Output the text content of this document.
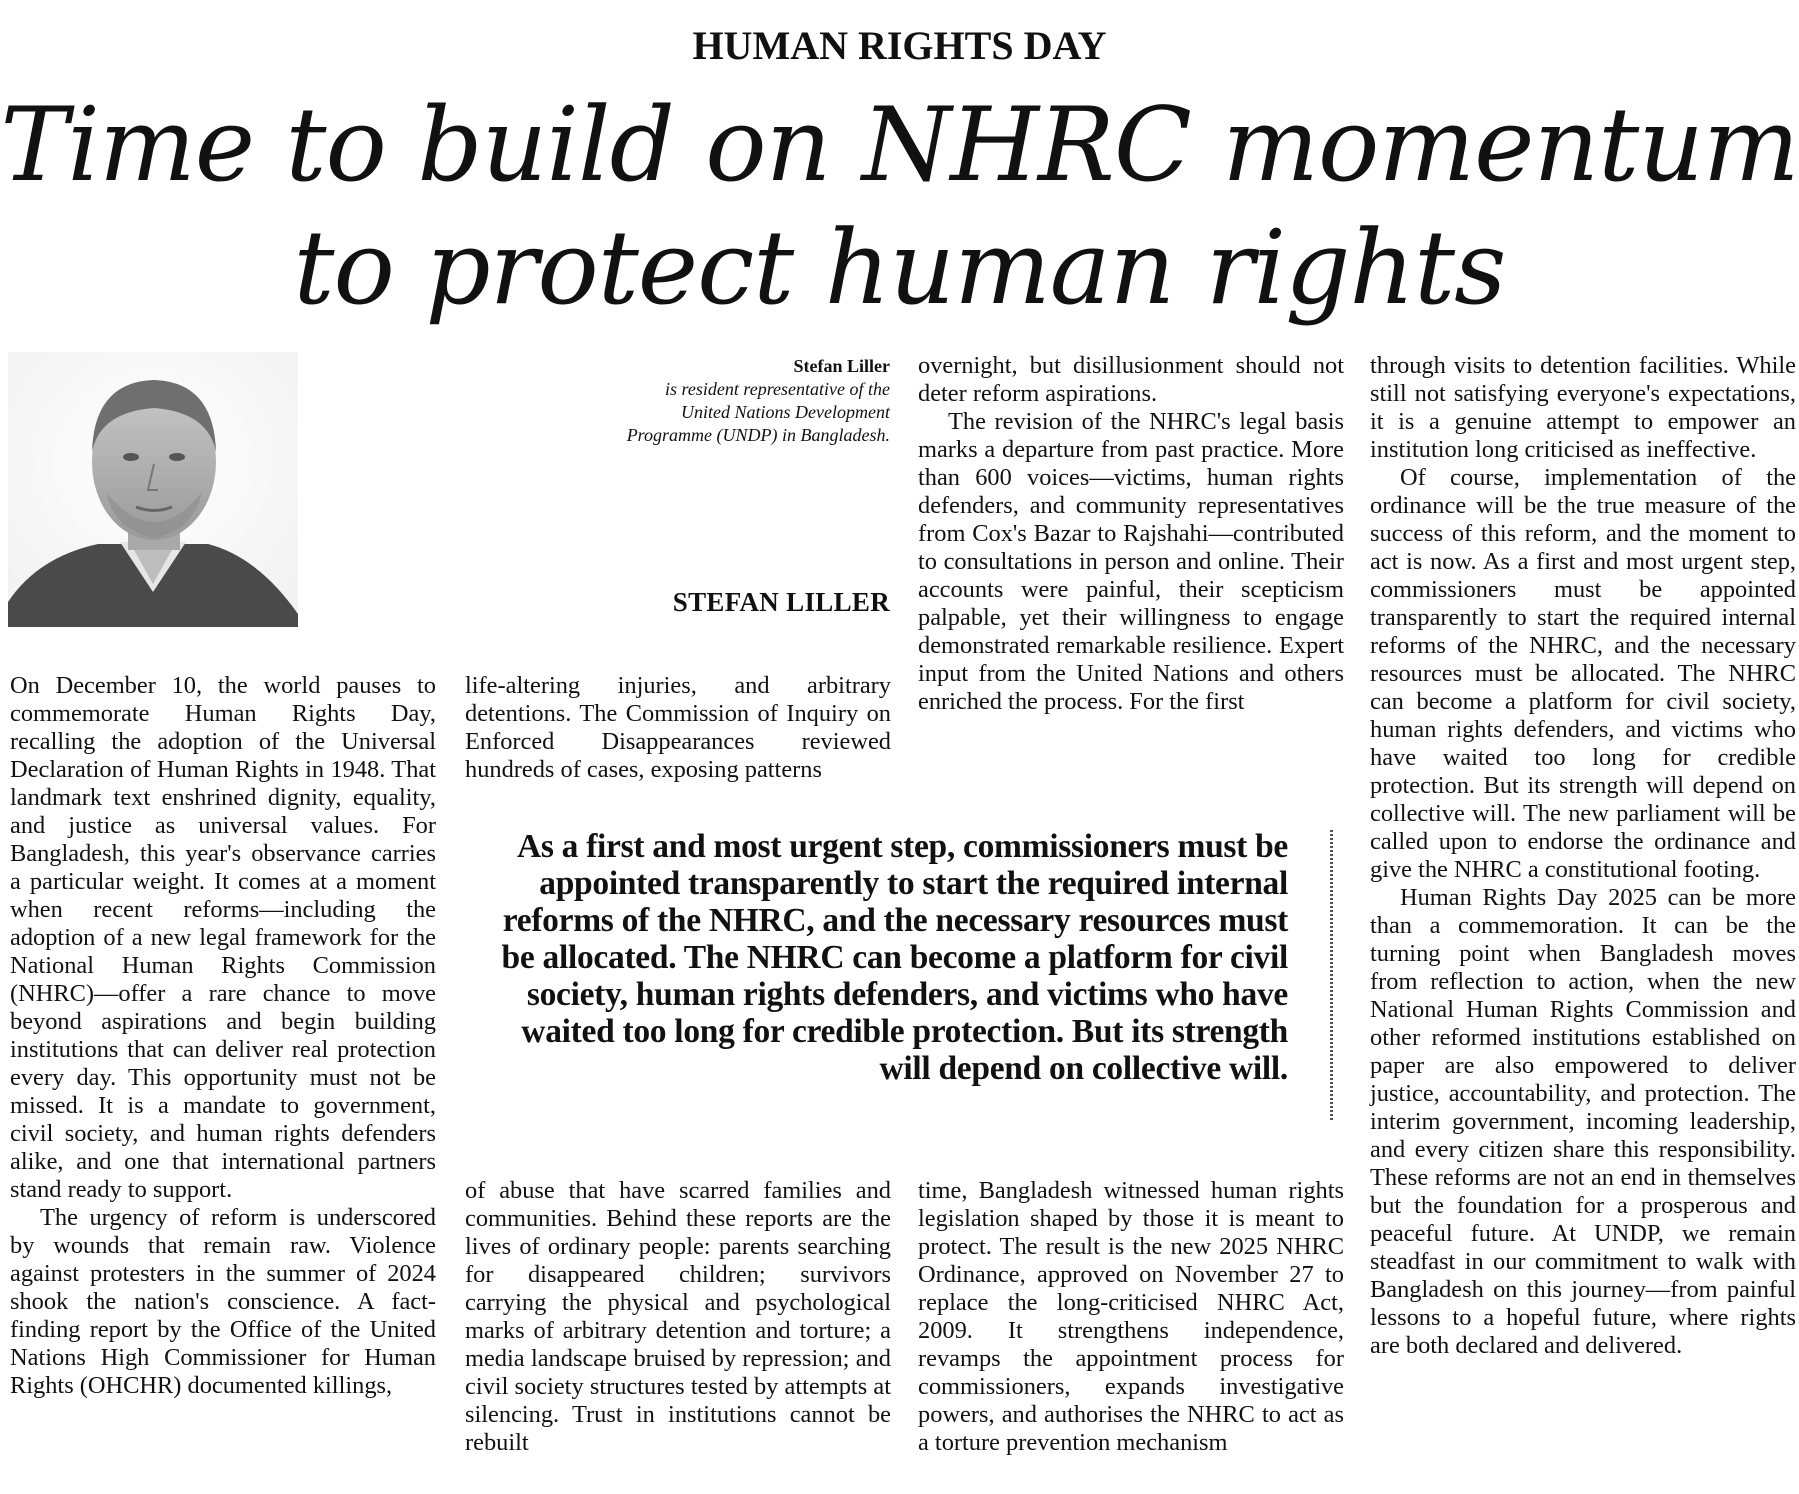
HUMAN RIGHTS DAY
Time to build on NHRC momentum
to protect human rights
Stefan Liller
is resident representative of the
United Nations Development
Programme (UNDP) in Bangladesh.
STEFAN LILLER

On December 10, the world pauses to commemorate Human Rights Day, recalling the adoption of the Universal Declaration of Human Rights in 1948. That landmark text enshrined dignity, equality, and justice as universal values. For Bangladesh, this year's observance carries a particular weight. It comes at a moment when recent reforms—including the adoption of a new legal framework for the National Human Rights Commission (NHRC)—offer a rare chance to move beyond aspirations and begin building institutions that can deliver real protection every day. This opportunity must not be missed. It is a mandate to government, civil society, and human rights defenders alike, and one that international partners stand ready to support.

The urgency of reform is underscored by wounds that remain raw. Violence against protesters in the summer of 2024 shook the nation's conscience. A fact-finding report by the Office of the United Nations High Commissioner for Human Rights (OHCHR) documented killings,

life-altering injuries, and arbitrary detentions. The Commission of Inquiry on Enforced Disappearances reviewed hundreds of cases, exposing patterns

of abuse that have scarred families and communities. Behind these reports are the lives of ordinary people: parents searching for disappeared children; survivors carrying the physical and psychological marks of arbitrary detention and torture; a media landscape bruised by repression; and civil society structures tested by attempts at silencing. Trust in institutions cannot be rebuilt

overnight, but disillusionment should not deter reform aspirations.

The revision of the NHRC's legal basis marks a departure from past practice. More than 600 voices—victims, human rights defenders, and community representatives from Cox's Bazar to Rajshahi—contributed to consultations in person and online. Their accounts were painful, their scepticism palpable, yet their willingness to engage demonstrated remarkable resilience. Expert input from the United Nations and others enriched the process. For the first

time, Bangladesh witnessed human rights legislation shaped by those it is meant to protect. The result is the new 2025 NHRC Ordinance, approved on November 27 to replace the long-criticised NHRC Act, 2009. It strengthens independence, revamps the appointment process for commissioners, expands investigative powers, and authorises the NHRC to act as a torture prevention mechanism

through visits to detention facilities. While still not satisfying everyone's expectations, it is a genuine attempt to empower an institution long criticised as ineffective.

Of course, implementation of the ordinance will be the true measure of the success of this reform, and the moment to act is now. As a first and most urgent step, commissioners must be appointed transparently to start the required internal reforms of the NHRC, and the necessary resources must be allocated. The NHRC can become a platform for civil society, human rights defenders, and victims who have waited too long for credible protection. But its strength will depend on collective will. The new parliament will be called upon to endorse the ordinance and give the NHRC a constitutional footing.

Human Rights Day 2025 can be more than a commemoration. It can be the turning point when Bangladesh moves from reflection to action, when the new National Human Rights Commission and other reformed institutions established on paper are also empowered to deliver justice, accountability, and protection. The interim government, incoming leadership, and every citizen share this responsibility. These reforms are not an end in themselves but the foundation for a prosperous and peaceful future. At UNDP, we remain steadfast in our commitment to walk with Bangladesh on this journey—from painful lessons to a hopeful future, where rights are both declared and delivered.

As a first and most urgent step, commissioners must be appointed transparently to start the required internal reforms of the NHRC, and the necessary resources must be allocated. The NHRC can become a platform for civil society, human rights defenders, and victims who have waited too long for credible protection. But its strength will depend on collective will.
